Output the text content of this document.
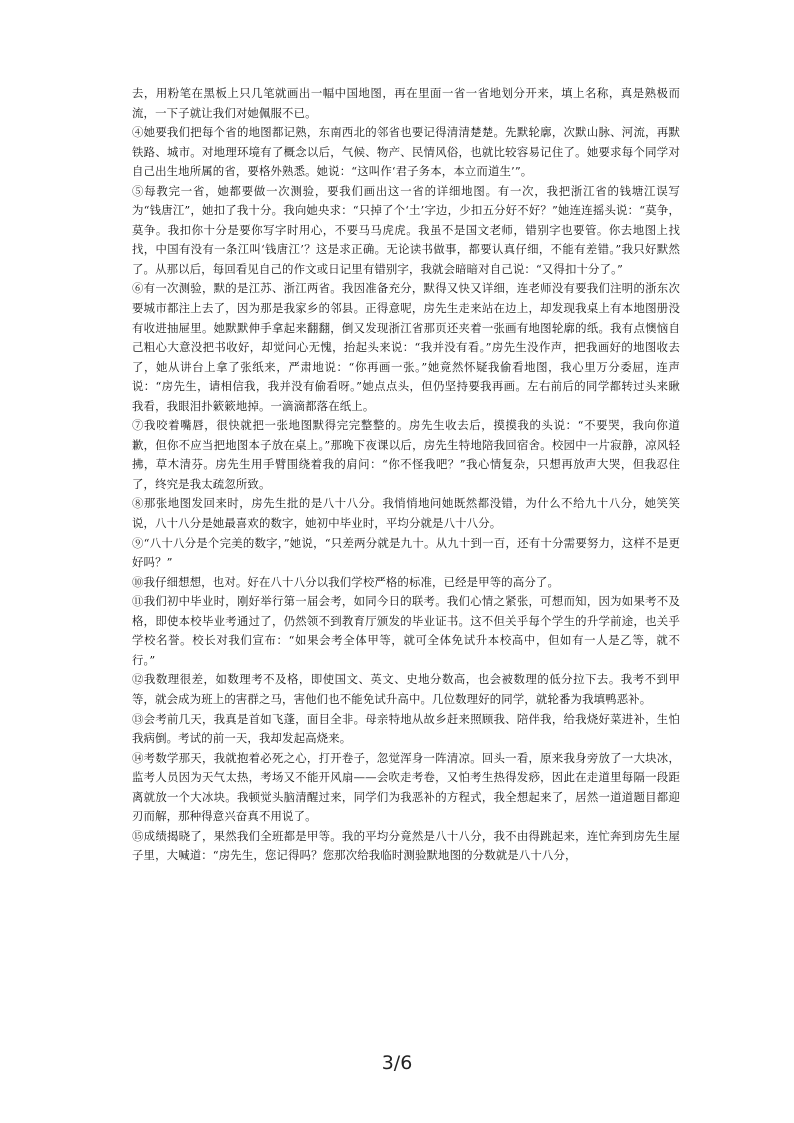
去，用粉笔在黑板上只几笔就画出一幅中国地图，再在里面一省一省地划分开来，填上名称，真是熟极而流，一下子就让我们对她佩服不已。

④她要我们把每个省的地图都记熟，东南西北的邻省也要记得清清楚楚。先默轮廓，次默山脉、河流，再默铁路、城市。对地理环境有了概念以后，气候、物产、民情风俗，也就比较容易记住了。她要求每个同学对自己出生地所属的省，要格外熟悉。她说：“这叫作‘君子务本，本立而道生’”。

⑤每教完一省，她都要做一次测验，要我们画出这一省的详细地图。有一次，我把浙江省的钱塘江误写为“钱唐江”，她扣了我十分。我向她央求：“只掉了个‘土’字边，少扣五分好不好？”她连连摇头说：“莫争，莫争。我扣你十分是要你写字时用心，不要马马虎虎。我虽不是国文老师，错别字也要管。你去地图上找找，中国有没有一条江叫‘钱唐江’？这是求正确。无论读书做事，都要认真仔细，不能有差错。”我只好默然了。从那以后，每回看见自己的作文或日记里有错别字，我就会暗暗对自己说：“又得扣十分了。”

⑥有一次测验，默的是江苏、浙江两省。我因准备充分，默得又快又详细，连老师没有要我们注明的浙东次要城市都注上去了，因为那是我家乡的邻县。正得意呢，房先生走来站在边上，却发现我桌上有本地图册没有收进抽屉里。她默默伸手拿起来翻翻，倒又发现浙江省那页还夹着一张画有地图轮廓的纸。我有点懊恼自己粗心大意没把书收好，却觉问心无愧，抬起头来说：“我并没有看。”房先生没作声，把我画好的地图收去了，她从讲台上拿了张纸来，严肃地说：“你再画一张。”她竟然怀疑我偷看地图，我心里万分委屈，连声说：“房先生，请相信我，我并没有偷看呀。”她点点头，但仍坚持要我再画。左右前后的同学都转过头来瞅我看，我眼泪扑簌簌地掉。一滴滴都落在纸上。

⑦我咬着嘴唇，很快就把一张地图默得完完整整的。房先生收去后，摸摸我的头说：“不要哭，我向你道歉，但你不应当把地图本子放在桌上。”那晚下夜课以后，房先生特地陪我回宿舍。校园中一片寂静，凉风轻拂，草木清芬。房先生用手臂围绕着我的肩问：“你不怪我吧？”我心情复杂，只想再放声大哭，但我忍住了，终究是我太疏忽所致。

⑧那张地图发回来时，房先生批的是八十八分。我悄悄地问她既然都没错，为什么不给九十八分，她笑笑说，八十八分是她最喜欢的数字，她初中毕业时，平均分就是八十八分。

⑨“八十八分是个完美的数字，”她说，“只差两分就是九十。从九十到一百，还有十分需要努力，这样不是更好吗？”

⑩我仔细想想，也对。好在八十八分以我们学校严格的标准，已经是甲等的高分了。

⑪我们初中毕业时，刚好举行第一届会考，如同今日的联考。我们心情之紧张，可想而知，因为如果考不及格，即使本校毕业考通过了，仍然领不到教育厅颁发的毕业证书。这不但关乎每个学生的升学前途，也关乎学校名誉。校长对我们宣布：“如果会考全体甲等，就可全体免试升本校高中，但如有一人是乙等，就不行。”

⑫我数理很差，如数理考不及格，即使国文、英文、史地分数高，也会被数理的低分拉下去。我考不到甲等，就会成为班上的害群之马，害他们也不能免试升高中。几位数理好的同学，就轮番为我填鸭恶补。

⑬会考前几天，我真是首如飞蓬，面目全非。母亲特地从故乡赶来照顾我、陪伴我，给我烧好菜进补，生怕我病倒。考试的前一天，我却发起高烧来。

⑭考数学那天，我就抱着必死之心，打开卷子，忽觉浑身一阵清凉。回头一看，原来我身旁放了一大块冰，监考人员因为天气太热，考场又不能开风扇——会吹走考卷，又怕考生热得发痧，因此在走道里每隔一段距离就放一个大冰块。我顿觉头脑清醒过来，同学们为我恶补的方程式，我全想起来了，居然一道道题目都迎刃而解，那种得意兴奋真不用说了。

⑮成绩揭晓了，果然我们全班都是甲等。我的平均分竟然是八十八分，我不由得跳起来，连忙奔到房先生屋子里，大喊道：“房先生，您记得吗？您那次给我临时测验默地图的分数就是八十八分，

3/6
